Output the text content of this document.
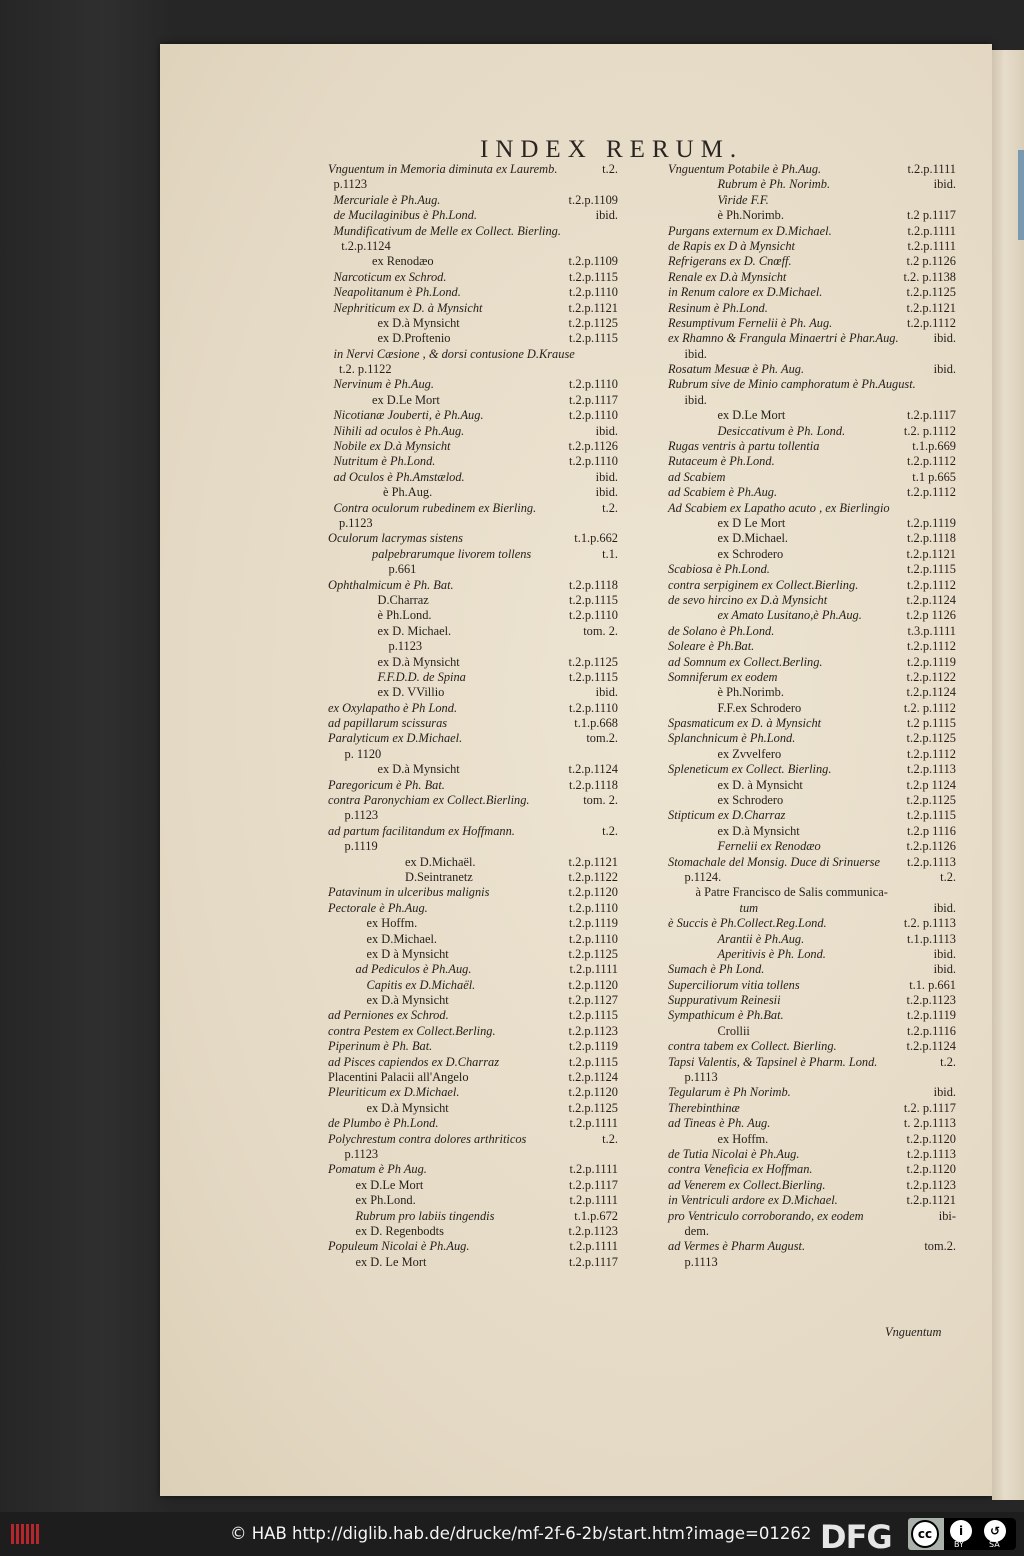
INDEX RERUM.
Vnguentum in Memoria diminuta ex Lauremb.	t.2.
p.1123
Mercuriale è Ph.Aug.	t.2.p.1109
de Mucilaginibus è Ph.Lond.	ibid.
Mundificativum de Melle ex Collect. Bierling.
t.2.p.1124
ex Renodæo	t.2.p.1109
Narcoticum ex Schrod.	t.2.p.1115
Neapolitanum è Ph.Lond.	t.2.p.1110
Nephriticum ex D. à Mynsicht	t.2.p.1121
ex D.à Mynsicht	t.2.p.1125
ex D.Proftenio	t.2.p.1115
in Nervi Cæsione , & dorsi contusione D.Krause
t.2. p.1122
Nervinum è Ph.Aug.	t.2.p.1110
ex D.Le Mort	t.2.p.1117
Nicotianæ Jouberti, è Ph.Aug.	t.2.p.1110
Nihili ad oculos è Ph.Aug.	ibid.
Nobile ex D.à Mynsicht	t.2.p.1126
Nutritum è Ph.Lond.	t.2.p.1110
ad Oculos è Ph.Amstælod.	ibid.
è Ph.Aug.	ibid.
Contra oculorum rubedinem ex Bierling.	t.2.
p.1123
Oculorum lacrymas sistens	t.1.p.662
palpebrarumque livorem tollens	t.1.
p.661
Ophthalmicum è Ph. Bat.	t.2.p.1118
D.Charraz	t.2.p.1115
è Ph.Lond.	t.2.p.1110
ex D. Michael.	tom. 2.
p.1123
ex D.à Mynsicht	t.2.p.1125
F.F.D.D. de Spina	t.2.p.1115
ex D. VVillio	ibid.
ex Oxylapatho è Ph Lond.	t.2.p.1110
ad papillarum scissuras	t.1.p.668
Paralyticum ex D.Michael.	tom.2.
p. 1120
ex D.à Mynsicht	t.2.p.1124
Paregoricum è Ph. Bat.	t.2.p.1118
contra Paronychiam ex Collect.Bierling.	tom. 2.
p.1123
ad partum facilitandum ex Hoffmann.	t.2.
p.1119
ex D.Michaël.	t.2.p.1121
D.Seintranetz	t.2.p.1122
Patavinum in ulceribus malignis	t.2.p.1120
Pectorale è Ph.Aug.	t.2.p.1110
ex Hoffm.	t.2.p.1119
ex D.Michael.	t.2.p.1110
ex D à Mynsicht	t.2.p.1125
ad Pediculos è Ph.Aug.	t.2.p.1111
Capitis ex D.Michaël.	t.2.p.1120
ex D.à Mynsicht	t.2.p.1127
ad Perniones ex Schrod.	t.2.p.1115
contra Pestem ex Collect.Berling.	t.2.p.1123
Piperinum è Ph. Bat.	t.2.p.1119
ad Pisces capiendos ex D.Charraz	t.2.p.1115
Placentini Palacii all'Angelo	t.2.p.1124
Pleuriticum ex D.Michael.	t.2.p.1120
ex D.à Mynsicht	t.2.p.1125
de Plumbo è Ph.Lond.	t.2.p.1111
Polychrestum contra dolores arthriticos	t.2.
p.1123
Pomatum è Ph Aug.	t.2.p.1111
ex D.Le Mort	t.2.p.1117
ex Ph.Lond.	t.2.p.1111
Rubrum pro labiis tingendis	t.1.p.672
ex D. Regenbodts	t.2.p.1123
Populeum Nicolai è Ph.Aug.	t.2.p.1111
ex D. Le Mort	t.2.p.1117
Vnguentum Potabile è Ph.Aug.	t.2.p.1111
Rubrum è Ph. Norimb.	ibid.
Viride F.F.
è Ph.Norimb.	t.2 p.1117
Purgans externum ex D.Michael.	t.2.p.1111
de Rapis ex D à Mynsicht	t.2.p.1111
Refrigerans ex D. Cnœff.	t.2 p.1126
Renale ex D.à Mynsicht	t.2. p.1138
in Renum calore ex D.Michael.	t.2.p.1125
Resinum è Ph.Lond.	t.2.p.1121
Resumptivum Fernelii è Ph. Aug.	t.2.p.1112
ex Rhamno & Frangula Minaertri è Phar.Aug.	ibid.
ibid.
Rosatum Mesuæ è Ph. Aug.	ibid.
Rubrum sive de Minio camphoratum è Ph.August.
ibid.
ex D.Le Mort	t.2.p.1117
Desiccativum è Ph. Lond.	t.2. p.1112
Rugas ventris à partu tollentia	t.1.p.669
Rutaceum è Ph.Lond.	t.2.p.1112
ad Scabiem	t.1 p.665
ad Scabiem è Ph.Aug.	t.2.p.1112
Ad Scabiem ex Lapatho acuto , ex Bierlingio
ex D Le Mort	t.2.p.1119
ex D.Michael.	t.2.p.1118
ex Schrodero	t.2.p.1121
Scabiosa è Ph.Lond.	t.2.p.1115
contra serpiginem ex Collect.Bierling.	t.2.p.1112
de sevo hircino ex D.à Mynsicht	t.2.p.1124
ex Amato Lusitano,è Ph.Aug.	t.2.p 1126
de Solano è Ph.Lond.	t.3.p.1111
Soleare è Ph.Bat.	t.2.p.1112
ad Somnum ex Collect.Berling.	t.2.p.1119
Somniferum ex eodem	t.2.p.1122
è Ph.Norimb.	t.2.p.1124
F.F.ex Schrodero	t.2. p.1112
Spasmaticum ex D. à Mynsicht	t.2 p.1115
Splanchnicum è Ph.Lond.	t.2.p.1125
ex Zvvelfero	t.2.p.1112
Spleneticum ex Collect. Bierling.	t.2.p.1113
ex D. à Mynsicht	t.2.p 1124
ex Schrodero	t.2.p.1125
Stipticum ex D.Charraz	t.2.p.1115
ex D.à Mynsicht	t.2.p 1116
Fernelii ex Renodæo	t.2.p.1126
Stomachale del Monsig. Duce di Srinuerse t.2.p.1113
p.1124.	t.2.
à Patre Francisco de Salis communica-
tum	ibid.
è Succis è Ph.Collect.Reg.Lond.	t.2. p.1113
Arantii è Ph.Aug.	t.1.p.1113
Aperitivis è Ph. Lond.	ibid.
Sumach è Ph Lond.	ibid.
Superciliorum vitia tollens	t.1. p.661
Suppurativum Reinesii	t.2.p.1123
Sympathicum è Ph.Bat.	t.2.p.1119
Crollii	t.2.p.1116
contra tabem ex Collect. Bierling.	t.2.p.1124
Tapsi Valentis, & Tapsinel è Pharm. Lond.	t.2.
p.1113
Tegularum è Ph Norimb.	ibid.
Therebinthinæ	t.2. p.1117
ad Tineas è Ph. Aug.	t. 2.p.1113
ex Hoffm.	t.2.p.1120
de Tutia Nicolai è Ph.Aug.	t.2.p.1113
contra Veneficia ex Hoffman.	t.2.p.1120
ad Venerem ex Collect.Bierling.	t.2.p.1123
in Ventriculi ardore ex D.Michael.	t.2.p.1121
pro Ventriculo corroborando, ex eodem	ibi-
dem.
ad Vermes è Pharm August.	tom.2.
p.1113
Vnguentum
© HAB http://diglib.hab.de/drucke/mf-2f-6-2b/start.htm?image=01262 DFG	cc	i	↺
BY	SA
